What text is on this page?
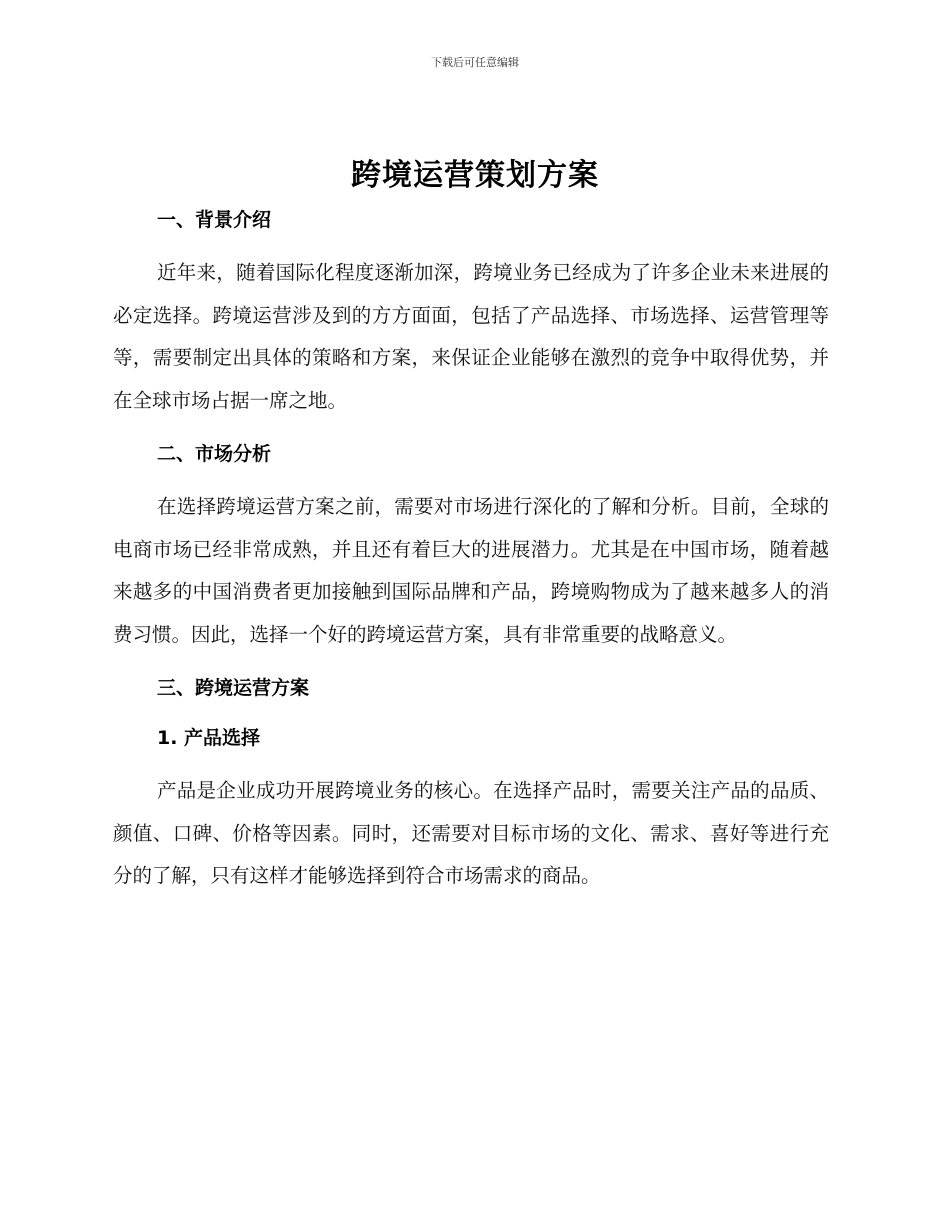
下载后可任意编辑
跨境运营策划方案
一、背景介绍

近年来，随着国际化程度逐渐加深，跨境业务已经成为了许多企业未来进展的必定选择。跨境运营涉及到的方方面面，包括了产品选择、市场选择、运营管理等等，需要制定出具体的策略和方案，来保证企业能够在激烈的竞争中取得优势，并在全球市场占据一席之地。

二、市场分析

在选择跨境运营方案之前，需要对市场进行深化的了解和分析。目前，全球的电商市场已经非常成熟，并且还有着巨大的进展潜力。尤其是在中国市场，随着越来越多的中国消费者更加接触到国际品牌和产品，跨境购物成为了越来越多人的消费习惯。因此，选择一个好的跨境运营方案，具有非常重要的战略意义。

三、跨境运营方案
1. 产品选择

产品是企业成功开展跨境业务的核心。在选择产品时，需要关注产品的品质、颜值、口碑、价格等因素。同时，还需要对目标市场的文化、需求、喜好等进行充分的了解，只有这样才能够选择到符合市场需求的商品。
